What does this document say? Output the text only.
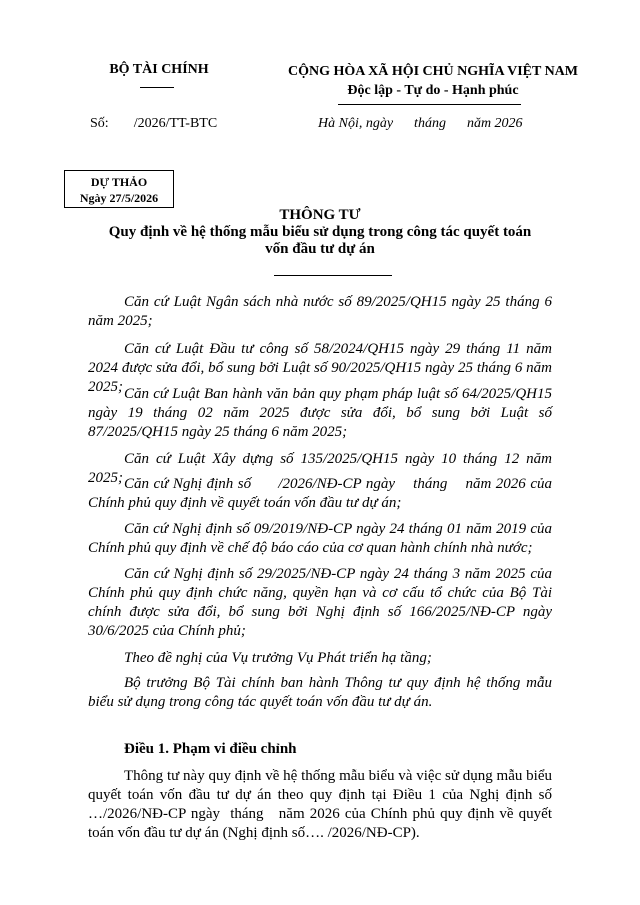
BỘ TÀI CHÍNH	CỘNG HÒA XÃ HỘI CHỦ NGHĨA VIỆT NAM
Độc lập - Tự do - Hạnh phúc
Số: /2026/TT-BTC	Hà Nội, ngày      tháng      năm 2026
DỰ THẢO
Ngày 27/5/2026
THÔNG TƯ
Quy định về hệ thống mẫu biểu sử dụng trong công tác quyết toán
vốn đầu tư dự án
Căn cứ Luật Ngân sách nhà nước số 89/2025/QH15 ngày 25 tháng 6 năm 2025;
Căn cứ Luật Đầu tư công số 58/2024/QH15 ngày 29 tháng 11 năm 2024 được sửa đổi, bổ sung bởi Luật số 90/2025/QH15 ngày 25 tháng 6 năm 2025; Căn cứ Luật Ban hành văn bản quy phạm pháp luật số 64/2025/QH15 ngày 19 tháng 02 năm 2025 được sửa đổi, bổ sung bởi Luật số 87/2025/QH15 ngày 25 tháng 6 năm 2025;
Căn cứ Luật Xây dựng số 135/2025/QH15 ngày 10 tháng 12 năm 2025; Căn cứ Nghị định số      /2026/NĐ-CP ngày    tháng    năm 2026 của Chính phủ quy định về quyết toán vốn đầu tư dự án;
Căn cứ Nghị định số 09/2019/NĐ-CP ngày 24 tháng 01 năm 2019 của Chính phủ quy định về chế độ báo cáo của cơ quan hành chính nhà nước;
Căn cứ Nghị định số 29/2025/NĐ-CP ngày 24 tháng 3 năm 2025 của Chính phủ quy định chức năng, quyền hạn và cơ cấu tổ chức của Bộ Tài chính được sửa đổi, bổ sung bởi Nghị định số 166/2025/NĐ-CP ngày 30/6/2025 của Chính phủ;
Theo đề nghị của Vụ trưởng Vụ Phát triển hạ tầng;
Bộ trưởng Bộ Tài chính ban hành Thông tư quy định hệ thống mẫu biểu sử dụng trong công tác quyết toán vốn đầu tư dự án.
Điều 1. Phạm vi điều chỉnh
Thông tư này quy định về hệ thống mẫu biểu và việc sử dụng mẫu biểu quyết toán vốn đầu tư dự án theo quy định tại Điều 1 của Nghị định số …/2026/NĐ-CP ngày  tháng   năm 2026 của Chính phủ quy định về quyết toán vốn đầu tư dự án (Nghị định số…. /2026/NĐ-CP).
